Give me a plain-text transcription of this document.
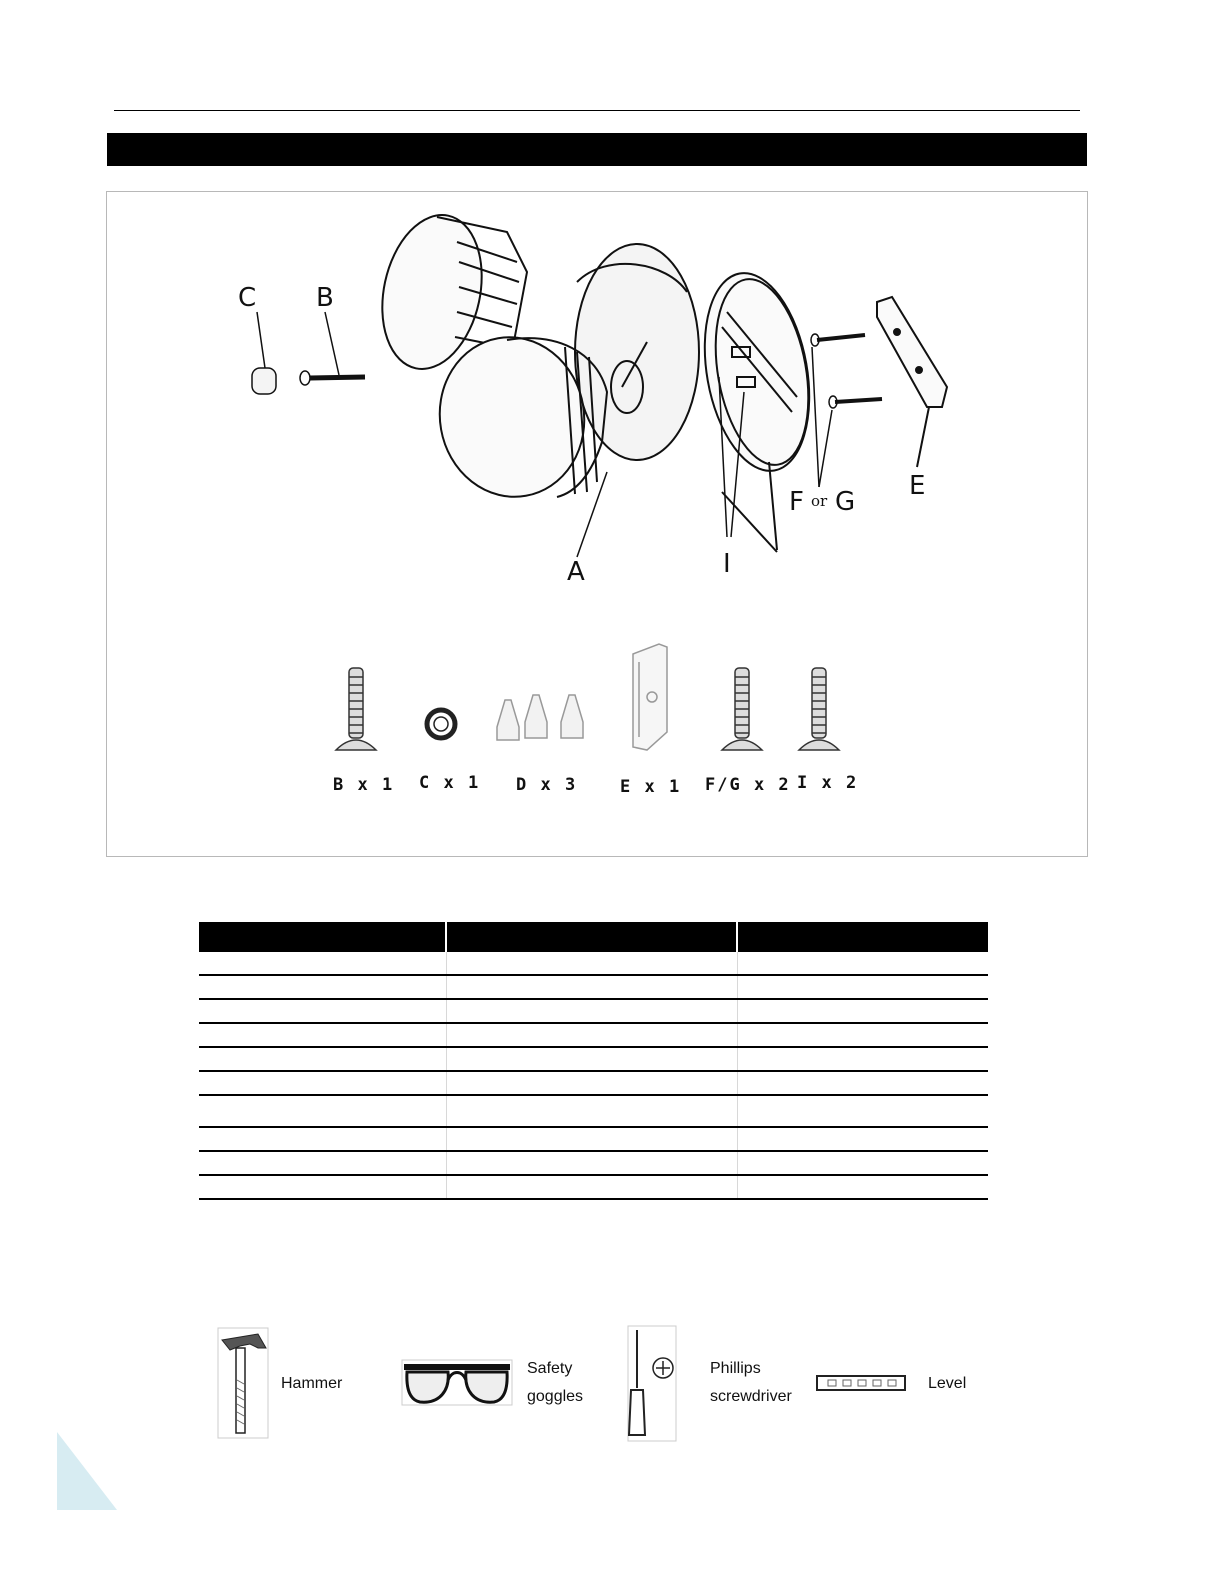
C B
A	I
F or G
E
B x 1 C x 1 D x 3	E x 1 F/G x 2 I x 2

Hammer
Safety
goggles
Phillips
screwdriver
Level
